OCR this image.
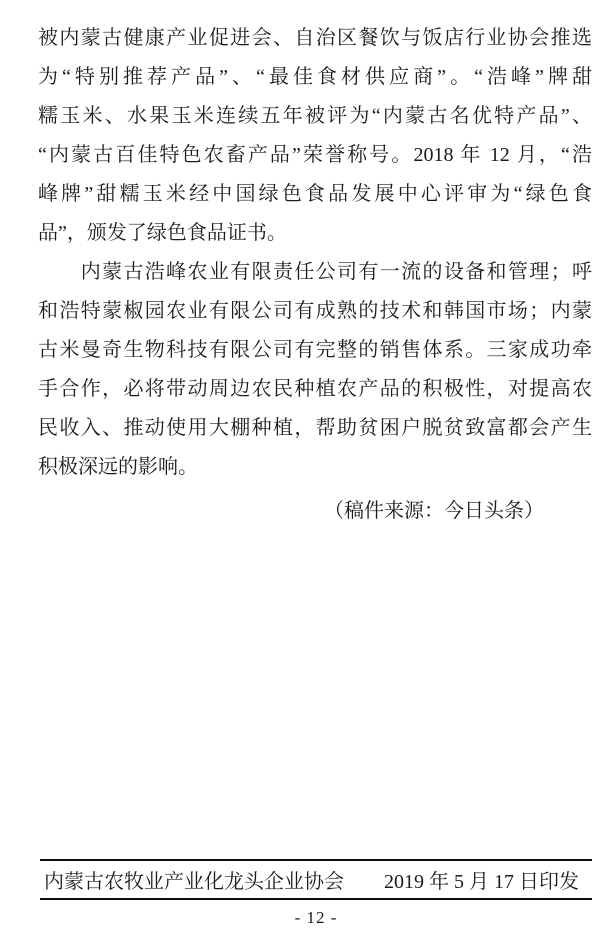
被内蒙古健康产业促进会、自治区餐饮与饭店行业协会推选
为“特别推荐产品”、“最佳食材供应商”。“浩峰”牌甜
糯玉米、水果玉米连续五年被评为“内蒙古名优特产品”、
“内蒙古百佳特色农畜产品”荣誉称号。2018 年 12 月，“浩
峰牌”甜糯玉米经中国绿色食品发展中心评审为“绿色食
品”，颁发了绿色食品证书。
　　内蒙古浩峰农业有限责任公司有一流的设备和管理；呼
和浩特蒙椒园农业有限公司有成熟的技术和韩国市场；内蒙
古米曼奇生物科技有限公司有完整的销售体系。三家成功牵
手合作，必将带动周边农民种植农产品的积极性，对提高农
民收入、推动使用大棚种植，帮助贫困户脱贫致富都会产生
积极深远的影响。
（稿件来源：今日头条）
内蒙古农牧业产业化龙头企业协会 2019 年 5 月 17 日印发
- 12 -
